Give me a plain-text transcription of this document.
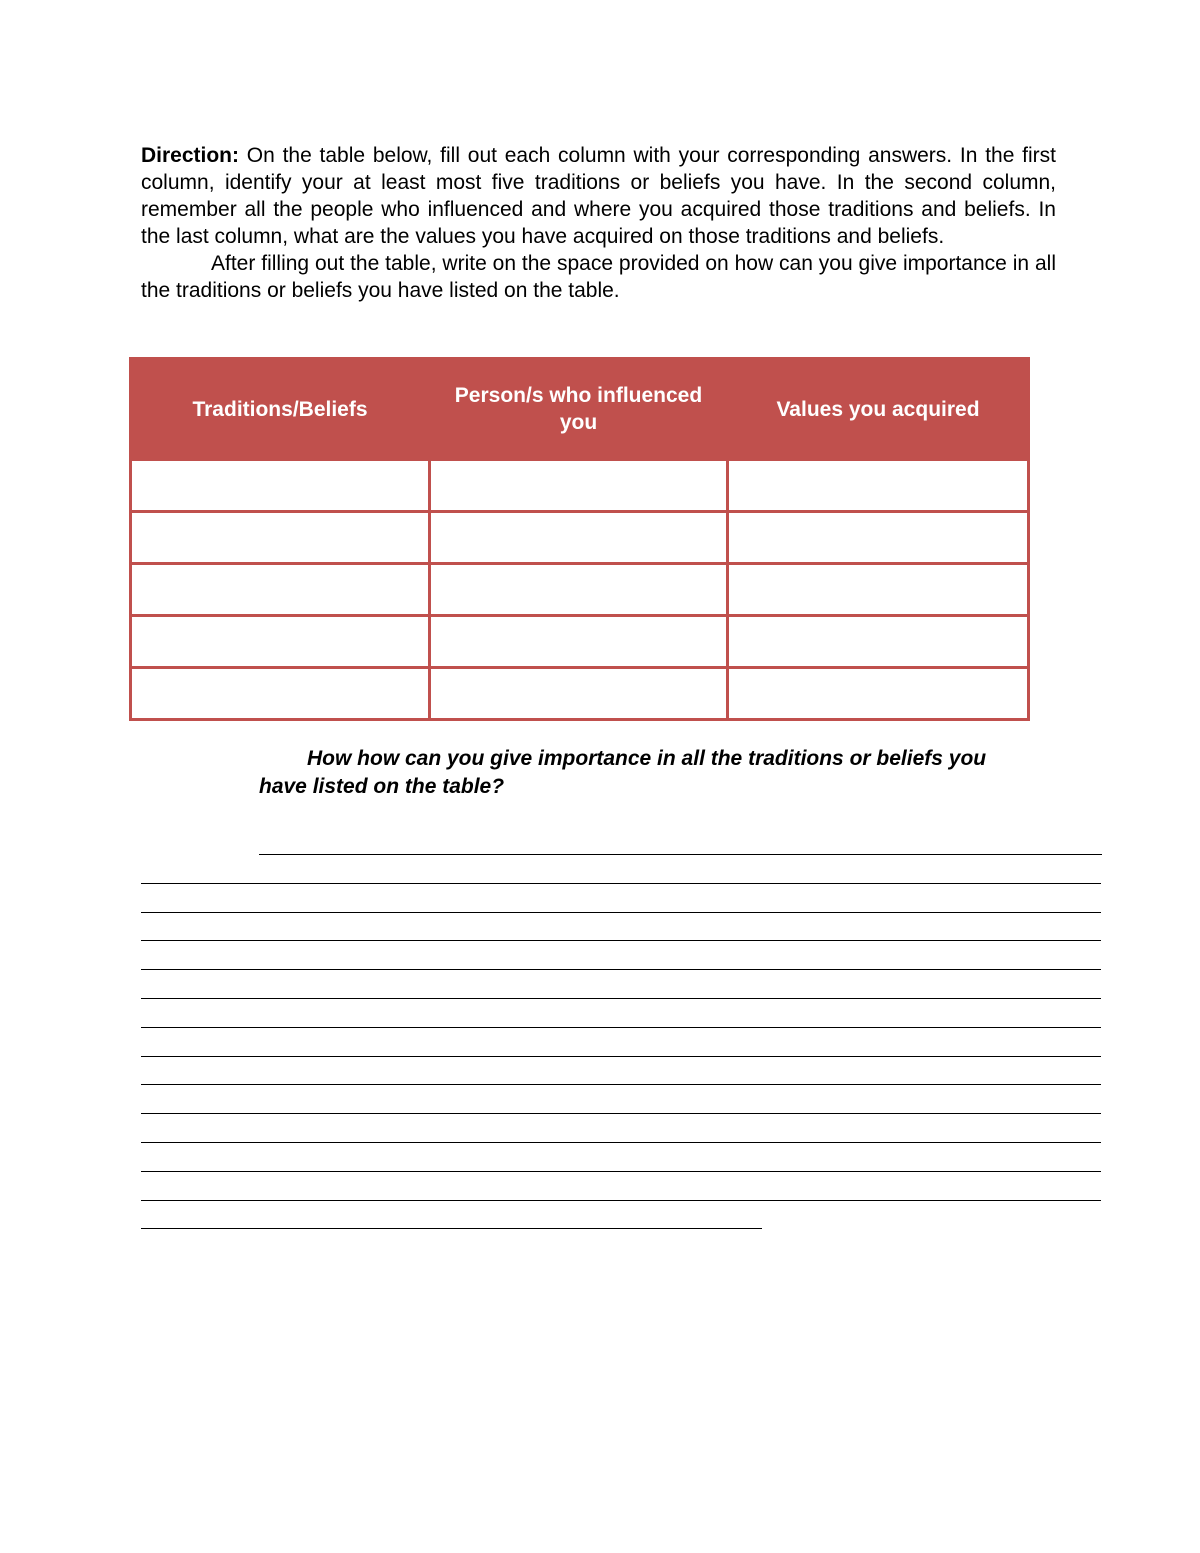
Direction: On the table below, fill out each column with your corresponding answers. In the first column, identify your at least most five traditions or beliefs you have. In the second column, remember all the people who influenced and where you acquired those traditions and beliefs. In the last column, what are the values you have acquired on those traditions and beliefs.

After filling out the table, write on the space provided on how can you give importance in all the traditions or beliefs you have listed on the table.

Traditions/Beliefs	Person/s who influenced you	Values you acquired

How how can you give importance in all the traditions or beliefs you have listed on the table?
